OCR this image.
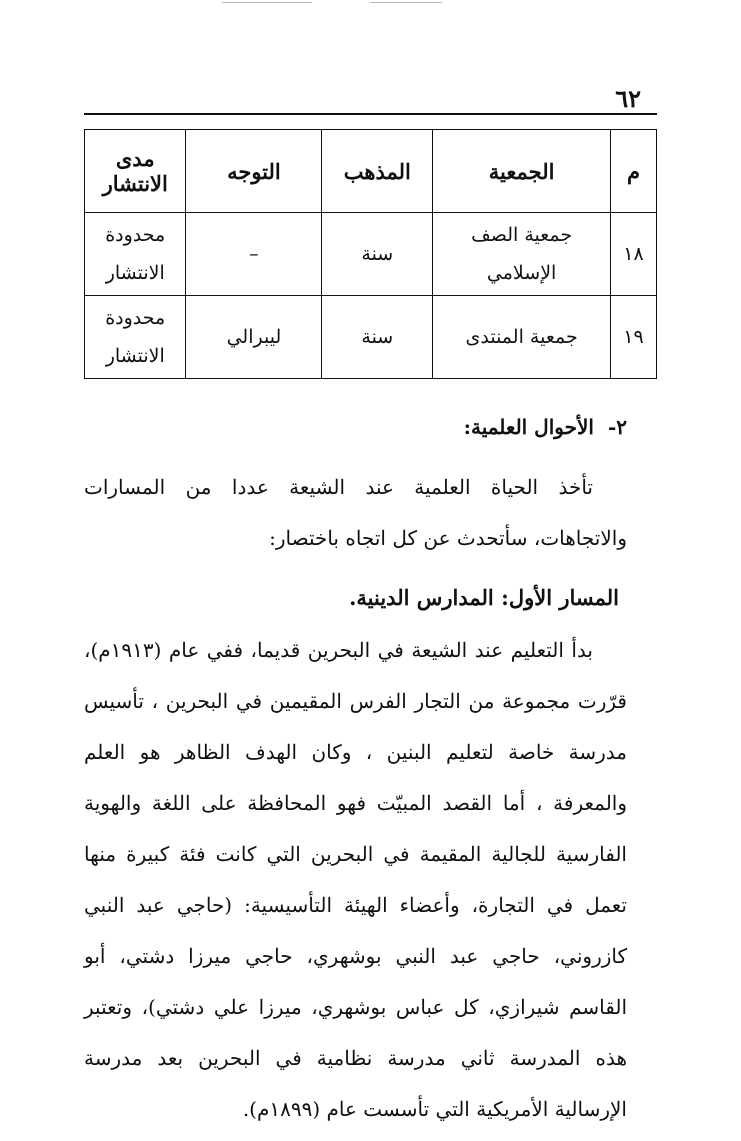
٦٢
م	الجمعية	المذهب	التوجه	مدى الانتشار
١٨	جمعية الصف الإسلامي	سنة	–	محدودة الانتشار
١٩	جمعية المنتدى	سنة	ليبرالي	محدودة الانتشار
٢-الأحوال العلمية:

تأخذ الحياة العلمية عند الشيعة عددا من المسارات والاتجاهات، سأتحدث عن كل اتجاه باختصار:

المسار الأول: المدارس الدينية.

بدأ التعليم عند الشيعة في البحرين قديما، ففي عام (١٩١٣م)، قرّرت مجموعة من التجار الفرس المقيمين في البحرين ، تأسيس مدرسة خاصة لتعليم البنين ، وكان الهدف الظاهر هو العلم والمعرفة ، أما القصد المبيّت فهو المحافظة على اللغة والهوية الفارسية للجالية المقيمة في البحرين التي كانت فئة كبيرة منها تعمل في التجارة، وأعضاء الهيئة التأسيسية: (حاجي عبد النبي كازروني، حاجي عبد النبي بوشهري، حاجي ميرزا دشتي، أبو القاسم شيرازي، كل عباس بوشهري، ميرزا علي دشتي)، وتعتبر هذه المدرسة ثاني مدرسة نظامية في البحرين بعد مدرسة الإرسالية الأمريكية التي تأسست عام (١٨٩٩م).
